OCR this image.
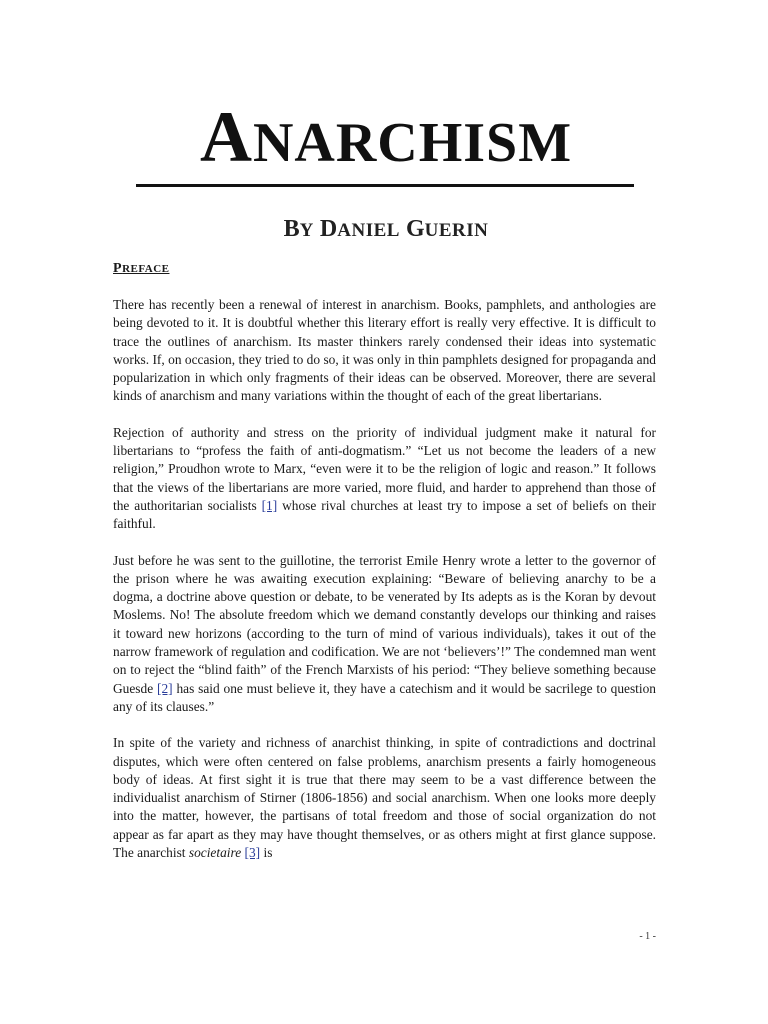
ANARCHISM
BY DANIEL GUERIN
PREFACE

There has recently been a renewal of interest in anarchism. Books, pamphlets, and anthologies are being devoted to it. It is doubtful whether this literary effort is really very effective. It is difficult to trace the outlines of anarchism. Its master thinkers rarely condensed their ideas into systematic works. If, on occasion, they tried to do so, it was only in thin pamphlets designed for propaganda and popularization in which only fragments of their ideas can be observed. Moreover, there are several kinds of anarchism and many variations within the thought of each of the great libertarians.

Rejection of authority and stress on the priority of individual judgment make it natural for libertarians to “profess the faith of anti-dogmatism.” “Let us not become the leaders of a new religion,” Proudhon wrote to Marx, “even were it to be the religion of logic and reason.” It follows that the views of the libertarians are more varied, more fluid, and harder to apprehend than those of the authoritarian socialists [1] whose rival churches at least try to impose a set of beliefs on their faithful.

Just before he was sent to the guillotine, the terrorist Emile Henry wrote a letter to the governor of the prison where he was awaiting execution explaining: “Beware of believing anarchy to be a dogma, a doctrine above question or debate, to be venerated by Its adepts as is the Koran by devout Moslems. No! The absolute freedom which we demand constantly develops our thinking and raises it toward new horizons (according to the turn of mind of various individuals), takes it out of the narrow framework of regulation and codification. We are not ‘believers’!” The condemned man went on to reject the “blind faith” of the French Marxists of his period: “They believe something because Guesde [2] has said one must believe it, they have a catechism and it would be sacrilege to question any of its clauses.”

In spite of the variety and richness of anarchist thinking, in spite of contradictions and doctrinal disputes, which were often centered on false problems, anarchism presents a fairly homogeneous body of ideas. At first sight it is true that there may seem to be a vast difference between the individualist anarchism of Stirner (1806-1856) and social anarchism. When one looks more deeply into the matter, however, the partisans of total freedom and those of social organization do not appear as far apart as they may have thought themselves, or as others might at first glance suppose. The anarchist societaire [3] is

- 1 -
